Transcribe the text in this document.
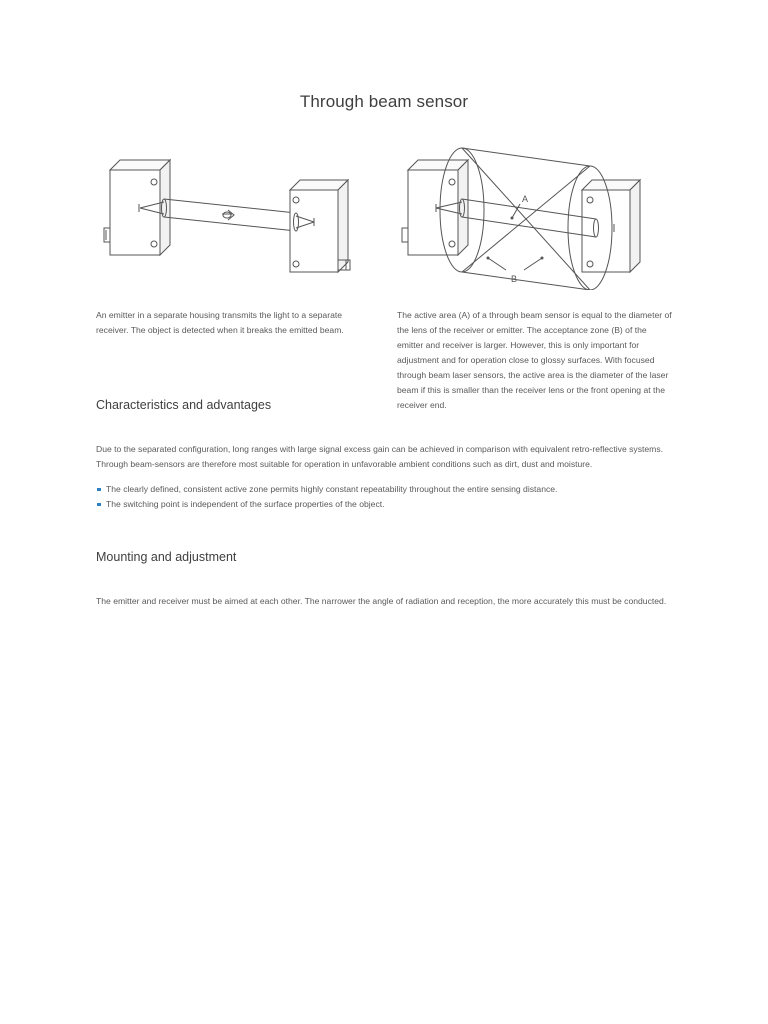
Through beam sensor
A
B
An emitter in a separate housing transmits the light to a separate receiver. The object is detected when it breaks the emitted beam.
The active area (A) of a through beam sensor is equal to the diameter of the lens of the receiver or emitter. The acceptance zone (B) of the emitter and receiver is larger. However, this is only important for adjustment and for operation close to glossy surfaces. With focused through beam laser sensors, the active area is the diameter of the laser beam if this is smaller than the receiver lens or the front opening at the receiver end.
Characteristics and advantages
Due to the separated configuration, long ranges with large signal excess gain can be achieved in comparison with equivalent retro-reflective systems. Through beam-sensors are therefore most suitable for operation in unfavorable ambient conditions such as dirt, dust and moisture.
The clearly defined, consistent active zone permits highly constant repeatability throughout the entire sensing distance.
The switching point is independent of the surface properties of the object.
Mounting and adjustment
The emitter and receiver must be aimed at each other. The narrower the angle of radiation and reception, the more accurately this must be conducted.
